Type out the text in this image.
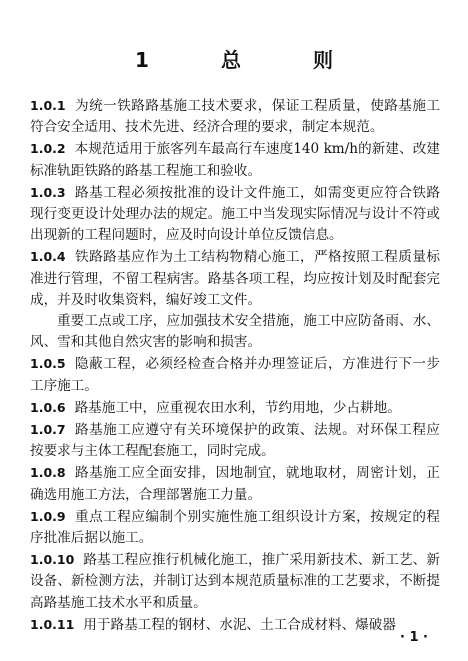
1　总　则

1.0.1 为统一铁路路基施工技术要求，保证工程质量，使路基施工符合安全适用、技术先进、经济合理的要求，制定本规范。

1.0.2 本规范适用于旅客列车最高行车速度140 km/h的新建、改建标准轨距铁路的路基工程施工和验收。

1.0.3 路基工程必须按批准的设计文件施工，如需变更应符合铁路现行变更设计处理办法的规定。施工中当发现实际情况与设计不符或出现新的工程问题时，应及时向设计单位反馈信息。

1.0.4 铁路路基应作为土工结构物精心施工，严格按照工程质量标准进行管理，不留工程病害。路基各项工程，均应按计划及时配套完成，并及时收集资料，编好竣工文件。

重要工点或工序，应加强技术安全措施，施工中应防备雨、水、风、雪和其他自然灾害的影响和损害。

1.0.5 隐蔽工程，必须经检查合格并办理签证后，方准进行下一步工序施工。

1.0.6 路基施工中，应重视农田水利，节约用地，少占耕地。

1.0.7 路基施工应遵守有关环境保护的政策、法规。对环保工程应按要求与主体工程配套施工，同时完成。

1.0.8 路基施工应全面安排，因地制宜，就地取材，周密计划，正确选用施工方法，合理部署施工力量。

1.0.9 重点工程应编制个别实施性施工组织设计方案，按规定的程序批准后据以施工。

1.0.10 路基工程应推行机械化施工，推广采用新技术、新工艺、新设备、新检测方法，并制订达到本规范质量标准的工艺要求，不断提高路基施工技术水平和质量。

1.0.11 用于路基工程的钢材、水泥、土工合成材料、爆破器

· 1 ·
